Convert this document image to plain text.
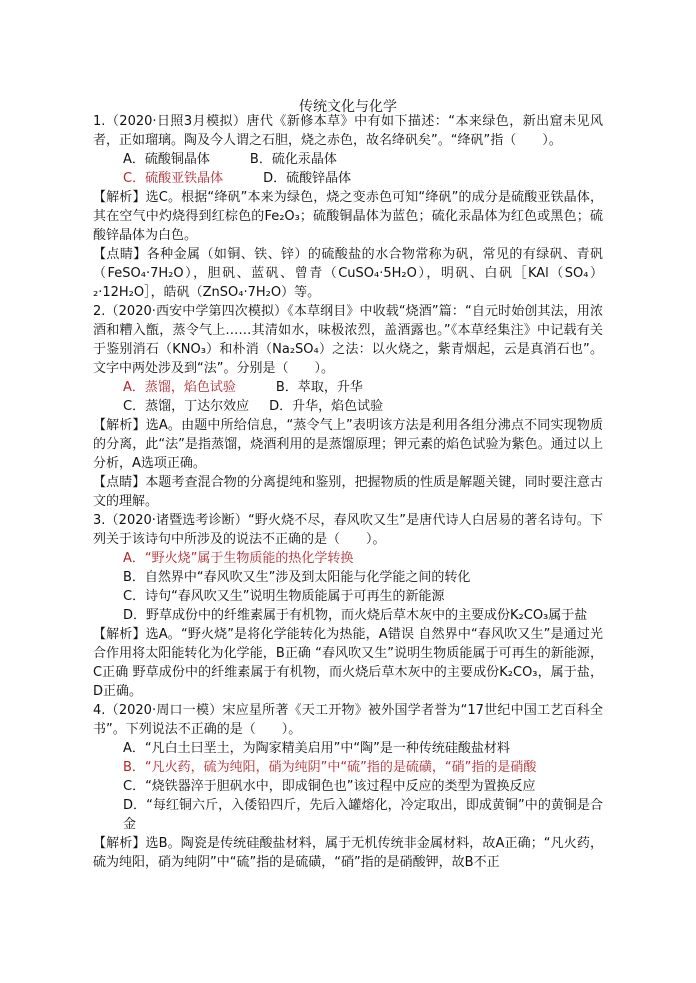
传统文化与化学

1.（2020·日照3月模拟）唐代《新修本草》中有如下描述：“本来绿色，新出窟未见风者，正如瑠璃。陶及今人谓之石胆，烧之赤色，故名绛矾矣”。“绛矾”指（　　）。

A．硫酸铜晶体	B．硫化汞晶体

C．硫酸亚铁晶体	D．硫酸锌晶体

【解析】选C。根据“绛矾”本来为绿色，烧之变赤色可知“绛矾”的成分是硫酸亚铁晶体，其在空气中灼烧得到红棕色的Fe₂O₃；硫酸铜晶体为蓝色；硫化汞晶体为红色或黑色；硫酸锌晶体为白色。

【点睛】各种金属（如铜、铁、锌）的硫酸盐的水合物常称为矾，常见的有绿矾、青矾（FeSO₄·7H₂O），胆矾、蓝矾、曾青（CuSO₄·5H₂O），明矾、白矾［KAl（SO₄）₂·12H₂O］，皓矾（ZnSO₄·7H₂O）等。

2.（2020·西安中学第四次模拟）《本草纲目》中收载“烧酒”篇：“自元时始创其法，用浓酒和糟入甑，蒸令气上……其清如水，味极浓烈，盖酒露也。”《本草经集注》中记载有关于鉴别消石（KNO₃）和朴消（Na₂SO₄）之法：以火烧之，紫青烟起，云是真消石也”。文字中两处涉及到“法”。分别是（　　）。

A．蒸馏，焰色试验	B．萃取，升华

C．蒸馏，丁达尔效应 D．升华，焰色试验

【解析】选A。由题中所给信息，“蒸令气上”表明该方法是利用各组分沸点不同实现物质的分离，此“法”是指蒸馏，烧酒利用的是蒸馏原理；钾元素的焰色试验为紫色。通过以上分析，A选项正确。

【点睛】本题考查混合物的分离提纯和鉴别，把握物质的性质是解题关键，同时要注意古文的理解。

3.（2020·诸暨选考诊断）“野火烧不尽，春风吹又生”是唐代诗人白居易的著名诗句。下列关于该诗句中所涉及的说法不正确的是（　　）。

A．“野火烧”属于生物质能的热化学转换

B．自然界中“春风吹又生”涉及到太阳能与化学能之间的转化

C．诗句“春风吹又生”说明生物质能属于可再生的新能源

D．野草成份中的纤维素属于有机物，而火烧后草木灰中的主要成份K₂CO₃属于盐

【解析】选A。“野火烧”是将化学能转化为热能，A错误 自然界中“春风吹又生”是通过光合作用将太阳能转化为化学能，B正确 “春风吹又生”说明生物质能属于可再生的新能源，C正确 野草成份中的纤维素属于有机物，而火烧后草木灰中的主要成份K₂CO₃，属于盐，D正确。

4.（2020·周口一模）宋应星所著《天工开物》被外国学者誉为“17世纪中国工艺百科全书”。下列说法不正确的是（　　）。

A．“凡白土曰垩土，为陶家精美启用”中“陶”是一种传统硅酸盐材料

B．“凡火药，硫为纯阳，硝为纯阴”中“硫”指的是硫磺，“硝”指的是硝酸

C．“烧铁器淬于胆矾水中，即成铜色也”该过程中反应的类型为置换反应

D．“每红铜六斤，入倭铅四斤，先后入罐熔化，冷定取出，即成黄铜”中的黄铜是合金

【解析】选B。陶瓷是传统硅酸盐材料，属于无机传统非金属材料，故A正确；“凡火药，硫为纯阳，硝为纯阴”中“硫”指的是硫磺，“硝”指的是硝酸钾，故B不正
